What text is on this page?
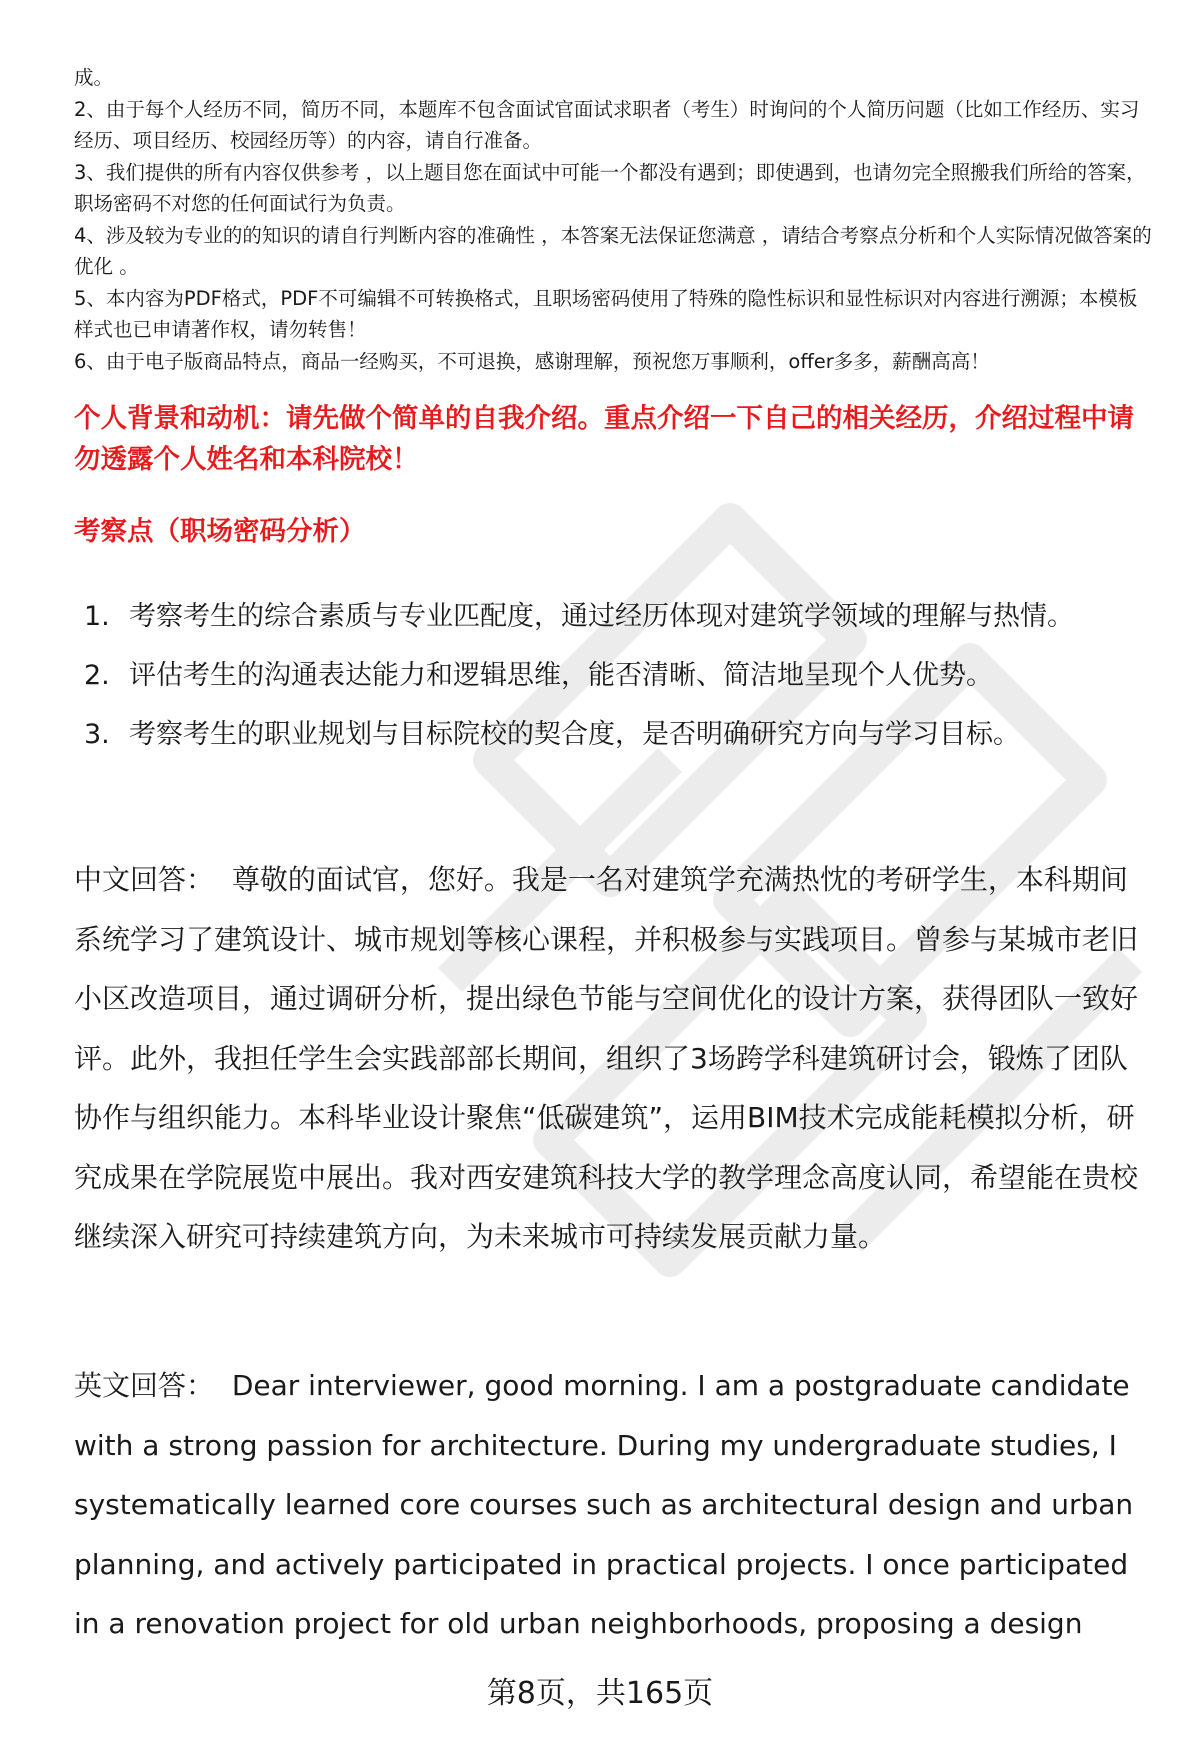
成。

2、由于每个人经历不同，简历不同，本题库不包含面试官面试求职者（考生）时询问的个人简历问题（比如工作经历、实习经历、项目经历、校园经历等）的内容，请自行准备。

3、我们提供的所有内容仅供参考 ，以上题目您在面试中可能一个都没有遇到；即使遇到，也请勿完全照搬我们所给的答案，职场密码不对您的任何面试行为负责。

4、涉及较为专业的的知识的请自行判断内容的准确性 ，本答案无法保证您满意 ，请结合考察点分析和个人实际情况做答案的优化 。

5、本内容为PDF格式，PDF不可编辑不可转换格式，且职场密码使用了特殊的隐性标识和显性标识对内容进行溯源；本模板样式也已申请著作权，请勿转售！

6、由于电子版商品特点，商品一经购买，不可退换，感谢理解，预祝您万事顺利，offer多多，薪酬高高！

个人背景和动机：请先做个简单的自我介绍。重点介绍一下自己的相关经历，介绍过程中请勿透露个人姓名和本科院校！

考察点（职场密码分析）

1. 考察考生的综合素质与专业匹配度，通过经历体现对建筑学领域的理解与热情。
2. 评估考生的沟通表达能力和逻辑思维，能否清晰、简洁地呈现个人优势。
3. 考察考生的职业规划与目标院校的契合度，是否明确研究方向与学习目标。

中文回答： 尊敬的面试官，您好。我是一名对建筑学充满热忱的考研学生，本科期间系统学习了建筑设计、城市规划等核心课程，并积极参与实践项目。曾参与某城市老旧小区改造项目，通过调研分析，提出绿色节能与空间优化的设计方案，获得团队一致好评。此外，我担任学生会实践部部长期间，组织了3场跨学科建筑研讨会，锻炼了团队协作与组织能力。本科毕业设计聚焦“低碳建筑”，运用BIM技术完成能耗模拟分析，研究成果在学院展览中展出。我对西安建筑科技大学的教学理念高度认同，希望能在贵校继续深入研究可持续建筑方向，为未来城市可持续发展贡献力量。

英文回答： Dear interviewer, good morning. I am a postgraduate candidate with a strong passion for architecture. During my undergraduate studies, I systematically learned core courses such as architectural design and urban planning, and actively participated in practical projects. I once participated in a renovation project for old urban neighborhoods, proposing a design

第8页，共165页
